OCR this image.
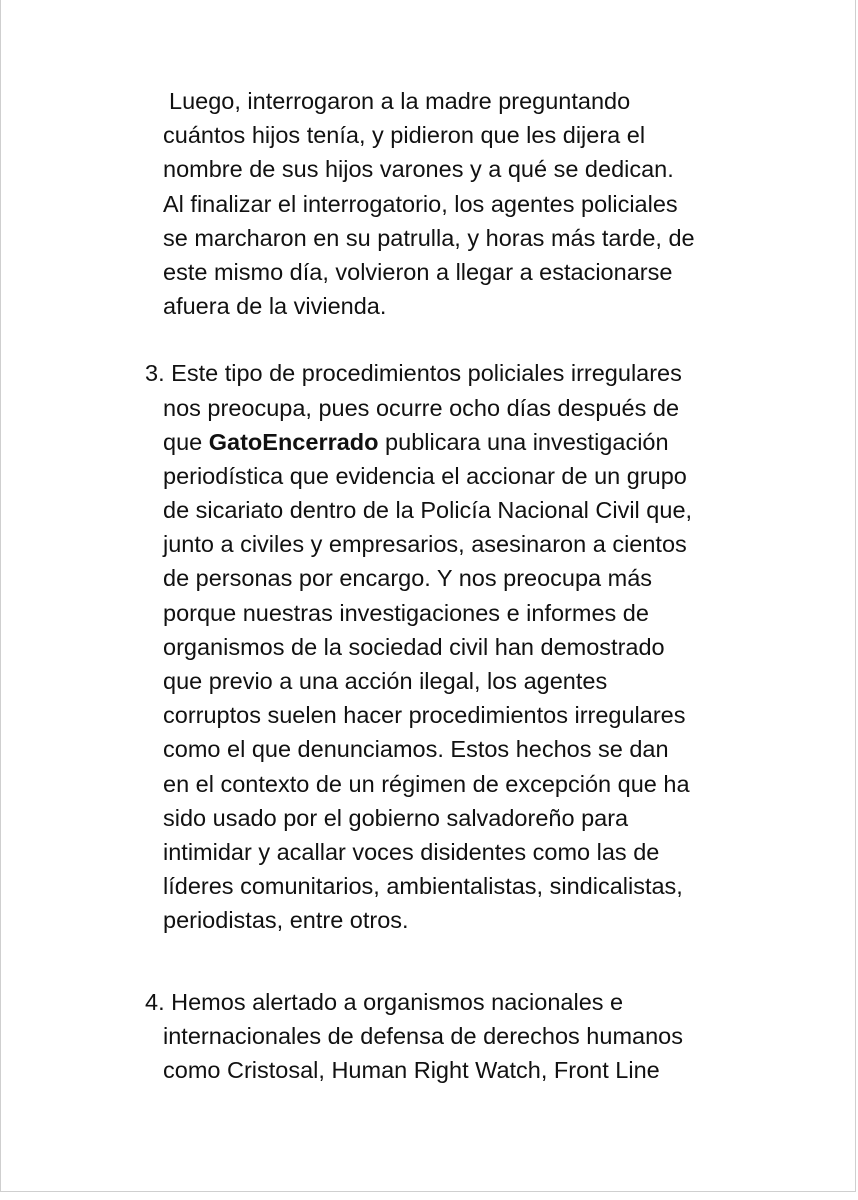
Luego, interrogaron a la madre preguntando
cuántos hijos tenía, y pidieron que les dijera el
nombre de sus hijos varones y a qué se dedican.
Al finalizar el interrogatorio, los agentes policiales
se marcharon en su patrulla, y horas más tarde, de
este mismo día, volvieron a llegar a estacionarse
afuera de la vivienda.
3. Este tipo de procedimientos policiales irregulares
nos preocupa, pues ocurre ocho días después de
que GatoEncerrado publicara una investigación
periodística que evidencia el accionar de un grupo
de sicariato dentro de la Policía Nacional Civil que,
junto a civiles y empresarios, asesinaron a cientos
de personas por encargo. Y nos preocupa más
porque nuestras investigaciones e informes de
organismos de la sociedad civil han demostrado
que previo a una acción ilegal, los agentes
corruptos suelen hacer procedimientos irregulares
como el que denunciamos. Estos hechos se dan
en el contexto de un régimen de excepción que ha
sido usado por el gobierno salvadoreño para
intimidar y acallar voces disidentes como las de
líderes comunitarios, ambientalistas, sindicalistas,
periodistas, entre otros.
4. Hemos alertado a organismos nacionales e
internacionales de defensa de derechos humanos
como Cristosal, Human Right Watch, Front Line
